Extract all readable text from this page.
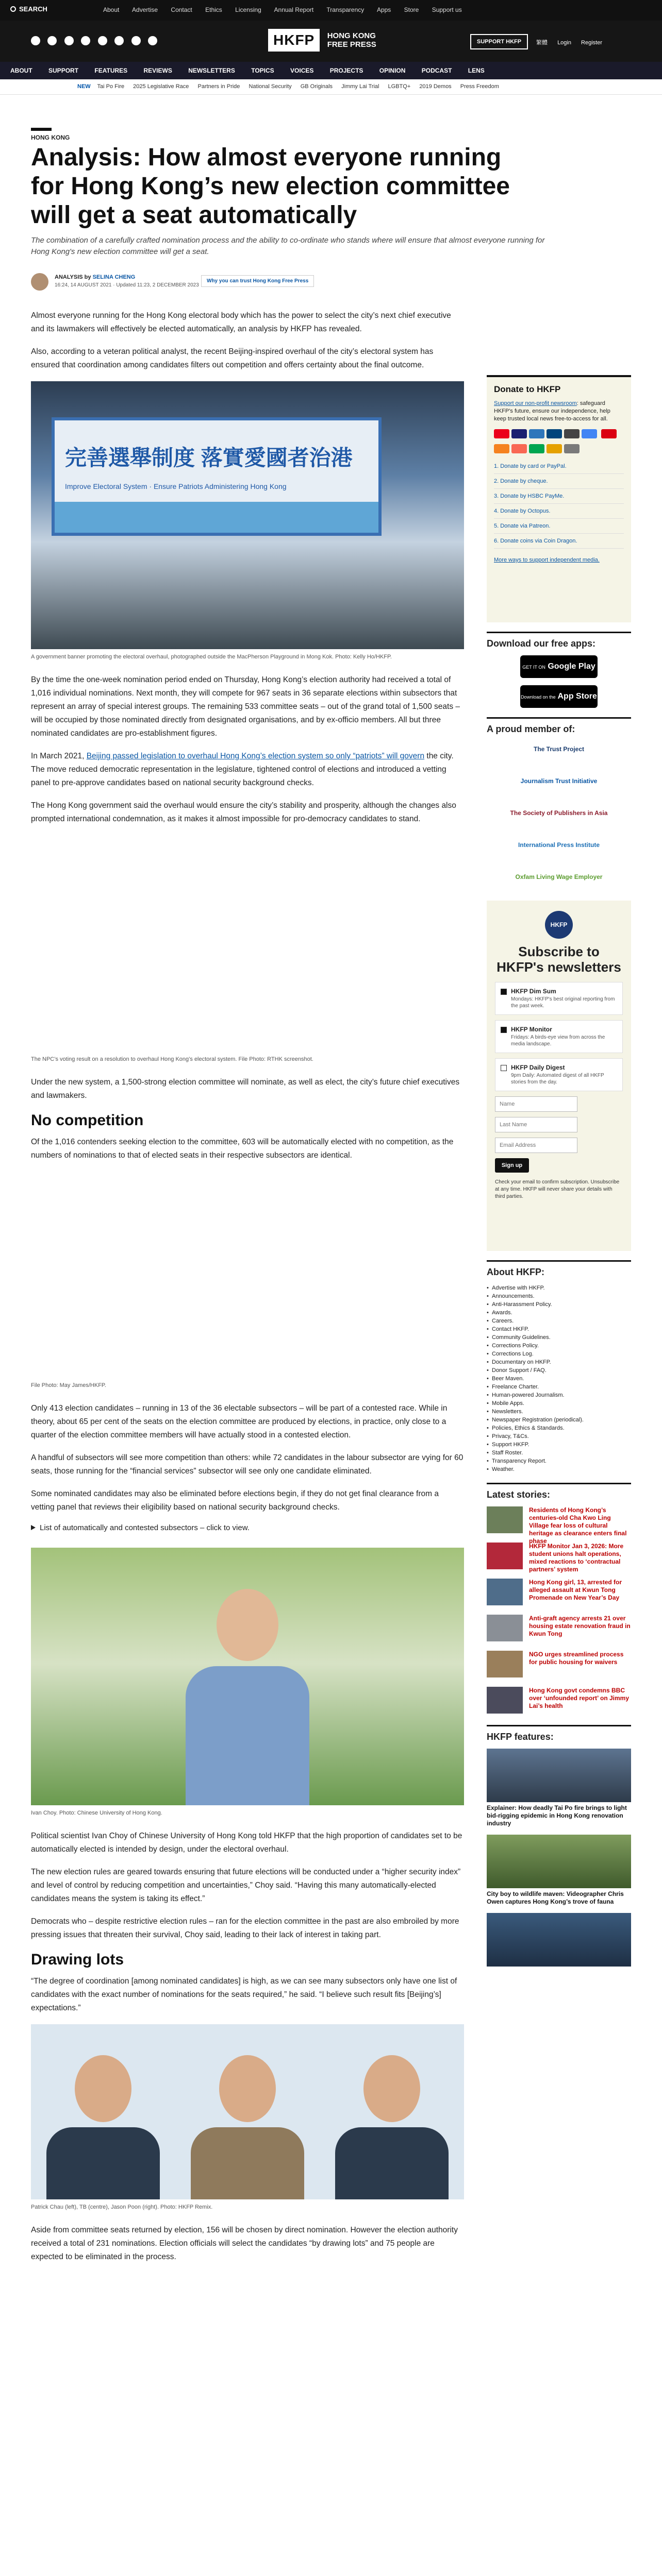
SEARCH	About Advertise Contact Ethics Licensing Annual Report Transparency Apps Store Support us

HKFP HONG KONG
FREE PRESS	SUPPORT HKFP	繁體 Login Register
ABOUT	SUPPORT	FEATURES	REVIEWS	NEWSLETTERS	TOPICS	VOICES	PROJECTS	OPINION	PODCAST	LENS
NEW Tai Po Fire 2025 Legislative Race Partners in Pride National Security GB Originals Jimmy Lai Trial LGBTQ+ 2019 Demos Press Freedom
HONG KONG
Analysis: How almost everyone running for Hong Kong’s new election committee will get a seat automatically
The combination of a carefully crafted nomination process and the ability to co-ordinate who stands where will ensure that almost everyone running for Hong Kong's new election committee will get a seat.
ANALYSIS by SELINA CHENG
16:24, 14 AUGUST 2021 · Updated 11:23, 2 DECEMBER 2023
Why you can trust Hong Kong Free Press

Almost everyone running for the Hong Kong electoral body which has the power to select the city’s next chief executive and its lawmakers will effectively be elected automatically, an analysis by HKFP has revealed.

Also, according to a veteran political analyst, the recent Beijing-inspired overhaul of the city’s electoral system has ensured that coordination among candidates filters out competition and offers certainty about the final outcome.

完善選舉制度 落實愛國者治港
Improve Electoral System · Ensure Patriots Administering Hong Kong
A government banner promoting the electoral overhaul, photographed outside the MacPherson Playground in Mong Kok. Photo: Kelly Ho/HKFP.

By the time the one-week nomination period ended on Thursday, Hong Kong’s election authority had received a total of 1,016 individual nominations. Next month, they will compete for 967 seats in 36 separate elections within subsectors that represent an array of special interest groups. The remaining 533 committee seats – out of the grand total of 1,500 seats – will be occupied by those nominated directly from designated organisations, and by ex-officio members. All but three nominated candidates are pro-establishment figures.

In March 2021, Beijing passed legislation to overhaul Hong Kong’s election system so only “patriots” will govern the city. The move reduced democratic representation in the legislature, tightened control of elections and introduced a vetting panel to pre-approve candidates based on national security background checks.

The Hong Kong government said the overhaul would ensure the city’s stability and prosperity, although the changes also prompted international condemnation, as it makes it almost impossible for pro-democracy candidates to stand.

The NPC’s voting result on a resolution to overhaul Hong Kong’s electoral system. File Photo: RTHK screenshot.

Under the new system, a 1,500-strong election committee will nominate, as well as elect, the city’s future chief executives and lawmakers.

No competition

Of the 1,016 contenders seeking election to the committee, 603 will be automatically elected with no competition, as the numbers of nominations to that of elected seats in their respective subsectors are identical.

File Photo: May James/HKFP.

Only 413 election candidates – running in 13 of the 36 electable subsectors – will be part of a contested race. While in theory, about 65 per cent of the seats on the election committee are produced by elections, in practice, only close to a quarter of the election committee members will have actually stood in a contested election.

A handful of subsectors will see more competition than others: while 72 candidates in the labour subsector are vying for 60 seats, those running for the “financial services” subsector will see only one candidate eliminated.

Some nominated candidates may also be eliminated before elections begin, if they do not get final clearance from a vetting panel that reviews their eligibility based on national security background checks.

List of automatically and contested subsectors – click to view.
Ivan Choy. Photo: Chinese University of Hong Kong.

Political scientist Ivan Choy of Chinese University of Hong Kong told HKFP that the high proportion of candidates set to be automatically elected is intended by design, under the electoral overhaul.

The new election rules are geared towards ensuring that future elections will be conducted under a “higher security index” and level of control by reducing competition and uncertainties,” Choy said. “Having this many automatically-elected candidates means the system is taking its effect.”

Democrats who – despite restrictive election rules – ran for the election committee in the past are also embroiled by more pressing issues that threaten their survival, Choy said, leading to their lack of interest in taking part.

Drawing lots

“The degree of coordination [among nominated candidates] is high, as we can see many subsectors only have one list of candidates with the exact number of nominations for the seats required,” he said. “I believe such result fits [Beijing’s] expectations.”

Patrick Chau (left), TB (centre), Jason Poon (right). Photo: HKFP Remix.

Aside from committee seats returned by election, 156 will be chosen by direct nomination. However the election authority received a total of 231 nominations. Election officials will select the candidates “by drawing lots” and 75 people are expected to be eliminated in the process.

Donate to HKFP
Support our non-profit newsroom: safeguard HKFP's future, ensure our independence, help keep trusted local news free-to-access for all.

1. Donate by card or PayPal.
2. Donate by cheque.
3. Donate by HSBC PayMe.
4. Donate by Octopus.
5. Donate via Patreon.
6. Donate coins via Coin Dragon.
More ways to support independent media.
Download our free apps:
GET IT ON Google Play
Download on the App Store
A proud member of:
The Trust Project
Journalism Trust Initiative
The Society of Publishers in Asia
International Press Institute
Oxfam Living Wage Employer
HKFP
Subscribe to HKFP's newsletters
HKFP Dim Sum
Mondays: HKFP's best original reporting from the past week.
HKFP Monitor
Fridays: A birds-eye view from across the media landscape.
HKFP Daily Digest
9pm Daily: Automated digest of all HKFP stories from the day.
Name
Last Name
Email Address
Sign up
Check your email to confirm subscription. Unsubscribe at any time. HKFP will never share your details with third parties.
About HKFP:
• Advertise with HKFP.
• Announcements.
• Anti-Harassment Policy.
• Awards.
• Careers.
• Contact HKFP.
• Community Guidelines.
• Corrections Policy.
• Corrections Log.
• Documentary on HKFP.
• Donor Support / FAQ.
• Beer Maven.
• Freelance Charter.
• Human-powered Journalism.
• Mobile Apps.
• Newsletters.
• Newspaper Registration (periodical).
• Policies, Ethics & Standards.
• Privacy, T&Cs.
• Support HKFP.
• Staff Roster.
• Transparency Report.
• Weather.
Latest stories:
Residents of Hong Kong’s centuries-old Cha Kwo Ling Village fear loss of cultural heritage as clearance enters final phase
HKFP Monitor Jan 3, 2026: More student unions halt operations, mixed reactions to ‘contractual partners’ system
Hong Kong girl, 13, arrested for alleged assault at Kwun Tong Promenade on New Year’s Day
Anti-graft agency arrests 21 over housing estate renovation fraud in Kwun Tong
NGO urges streamlined process for public housing for waivers
Hong Kong govt condemns BBC over ‘unfounded report’ on Jimmy Lai’s health
HKFP features:
Explainer: How deadly Tai Po fire brings to light bid-rigging epidemic in Hong Kong renovation industry
City boy to wildlife maven: Videographer Chris Owen captures Hong Kong’s trove of fauna
